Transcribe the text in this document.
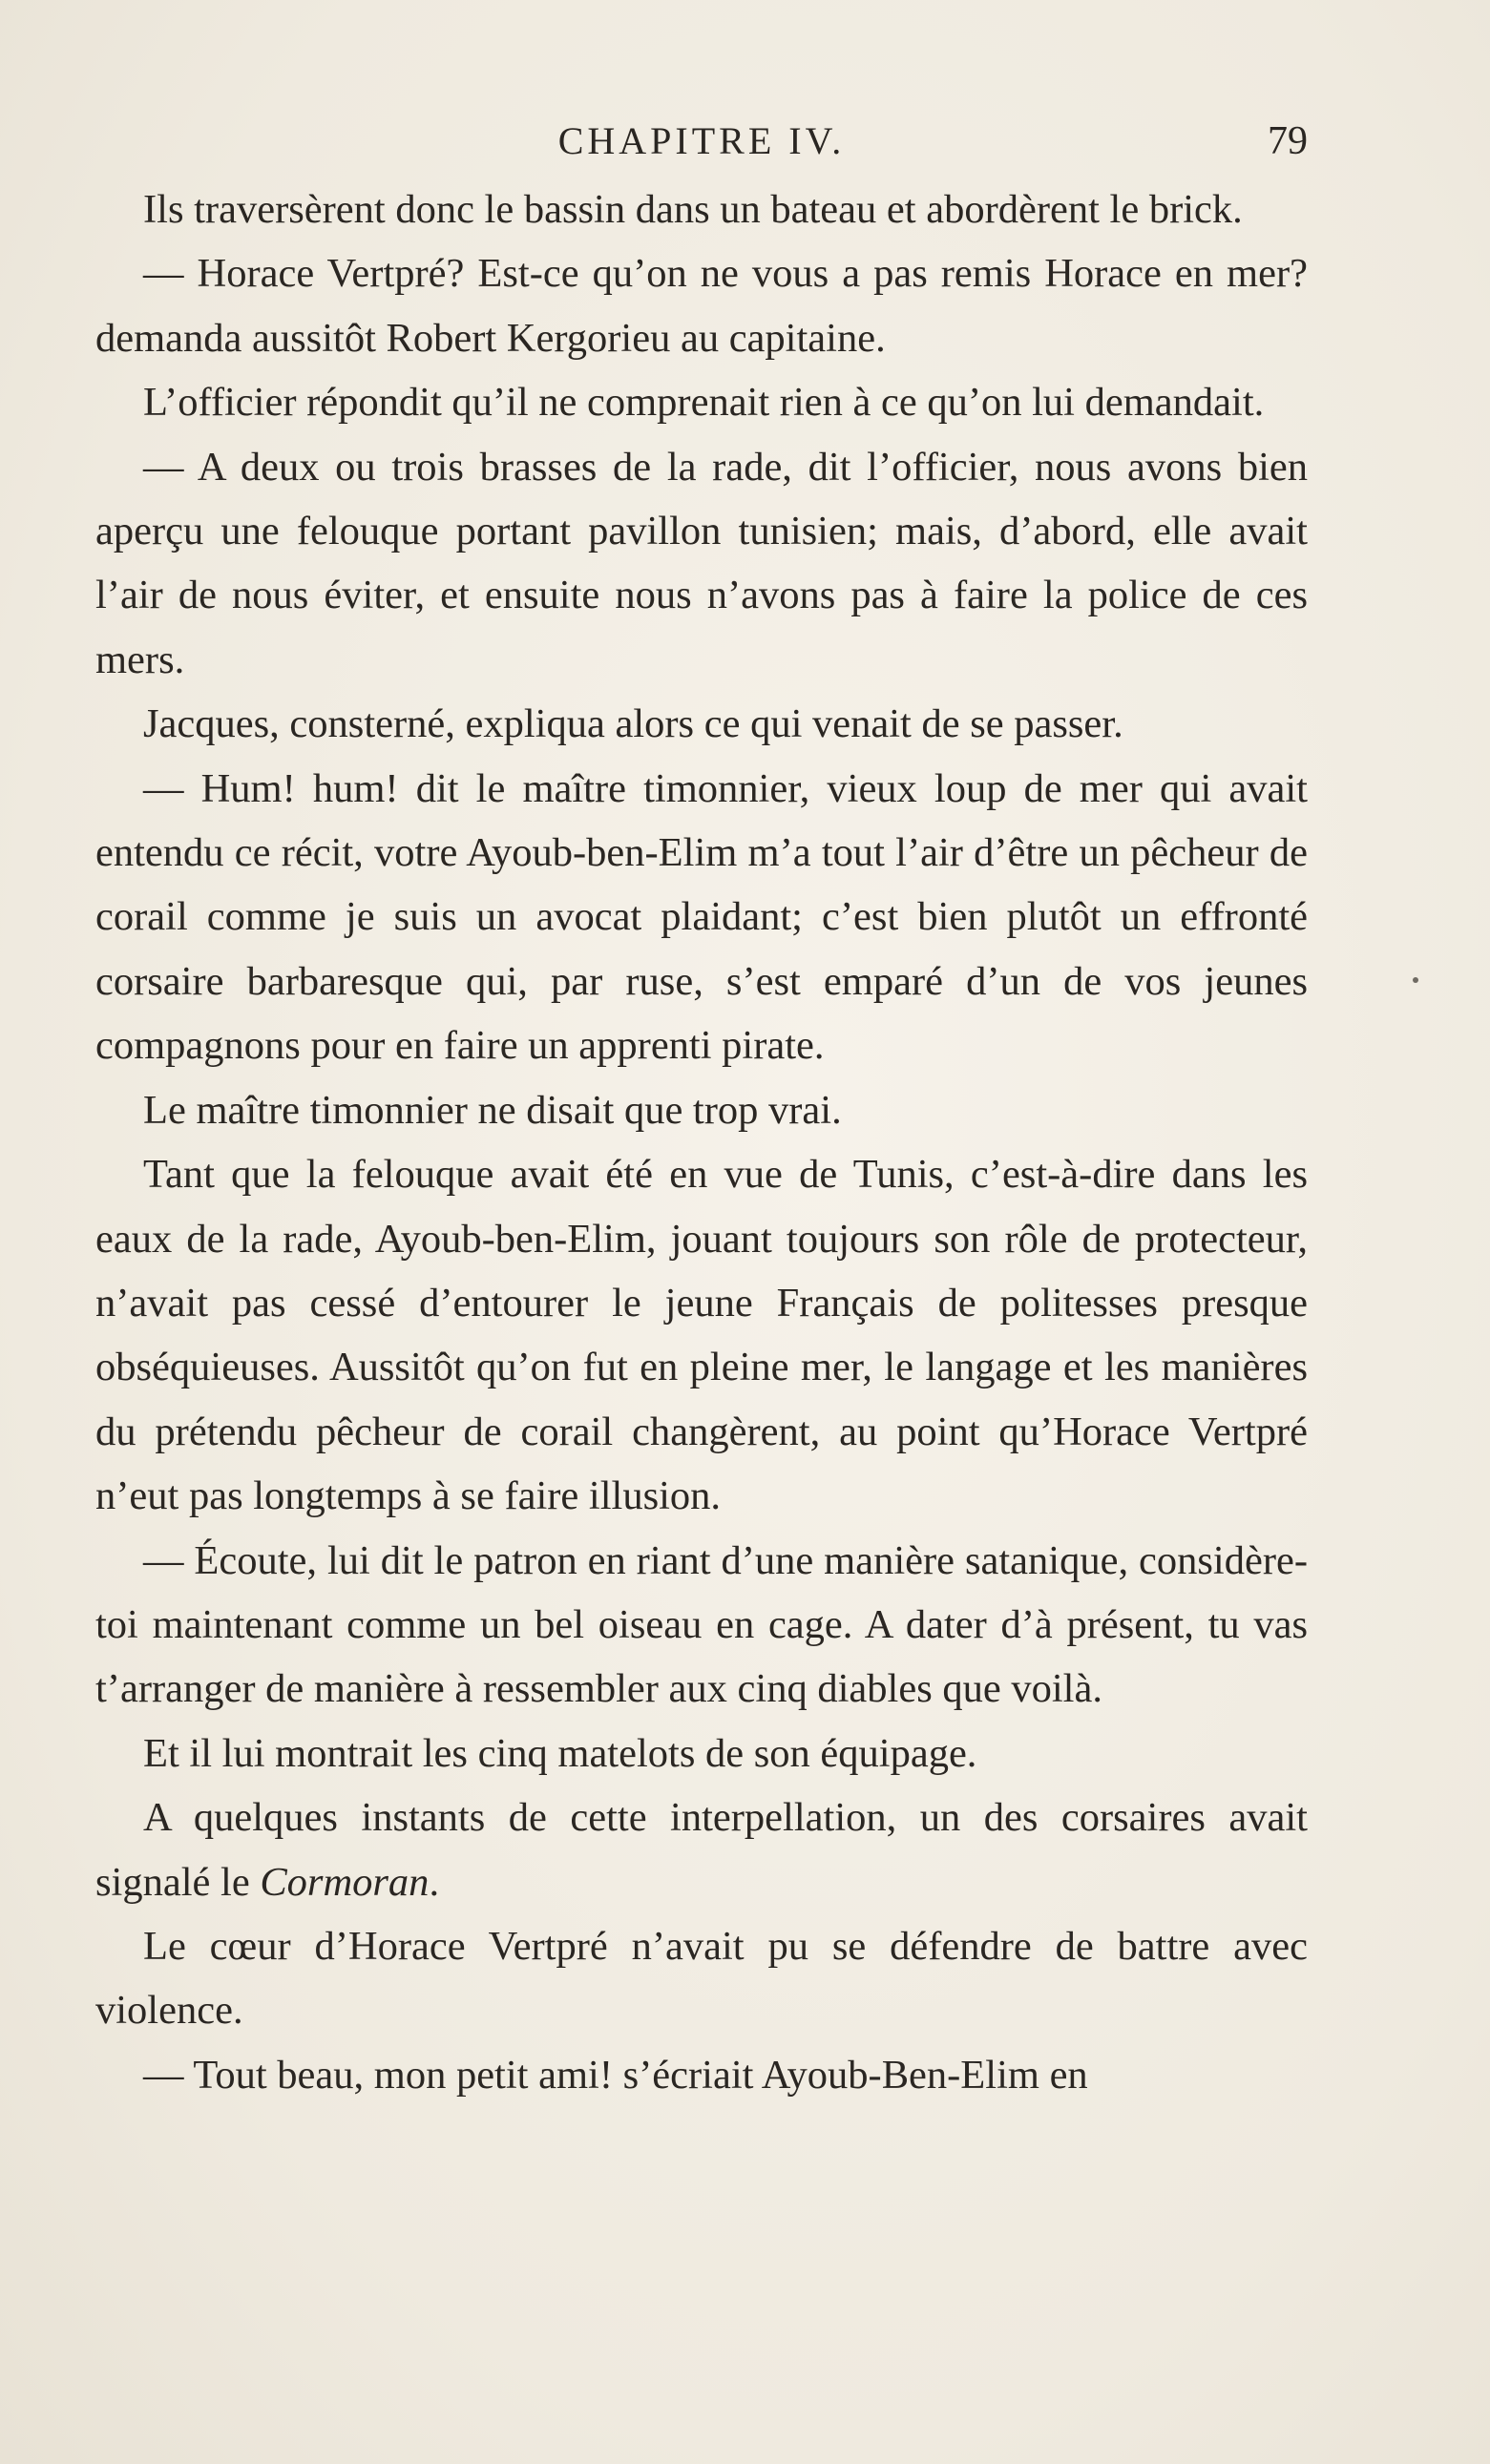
CHAPITRE IV.	79

Ils traversèrent donc le bassin dans un bateau et abordèrent le brick.

— Horace Vertpré? Est-ce qu’on ne vous a pas remis Horace en mer? demanda aussitôt Robert Kergorieu au capitaine.

L’officier répondit qu’il ne comprenait rien à ce qu’on lui demandait.

— A deux ou trois brasses de la rade, dit l’officier, nous avons bien aperçu une felouque portant pavillon tunisien; mais, d’abord, elle avait l’air de nous éviter, et ensuite nous n’avons pas à faire la police de ces mers.

Jacques, consterné, expliqua alors ce qui venait de se passer.

— Hum! hum! dit le maître timonnier, vieux loup de mer qui avait entendu ce récit, votre Ayoub-ben-Elim m’a tout l’air d’être un pêcheur de corail comme je suis un avocat plaidant; c’est bien plutôt un effronté corsaire barbaresque qui, par ruse, s’est emparé d’un de vos jeunes compagnons pour en faire un apprenti pirate.

Le maître timonnier ne disait que trop vrai.

Tant que la felouque avait été en vue de Tunis, c’est-à-dire dans les eaux de la rade, Ayoub-ben-Elim, jouant toujours son rôle de protecteur, n’avait pas cessé d’entourer le jeune Français de politesses presque obséquieuses. Aussitôt qu’on fut en pleine mer, le langage et les manières du prétendu pêcheur de corail changèrent, au point qu’Horace Vertpré n’eut pas longtemps à se faire illusion.

— Écoute, lui dit le patron en riant d’une manière satanique, considère-toi maintenant comme un bel oiseau en cage. A dater d’à présent, tu vas t’arranger de manière à ressembler aux cinq diables que voilà.

Et il lui montrait les cinq matelots de son équipage.

A quelques instants de cette interpellation, un des corsaires avait signalé le Cormoran.

Le cœur d’Horace Vertpré n’avait pu se défendre de battre avec violence.

— Tout beau, mon petit ami! s’écriait Ayoub-Ben-Elim en
